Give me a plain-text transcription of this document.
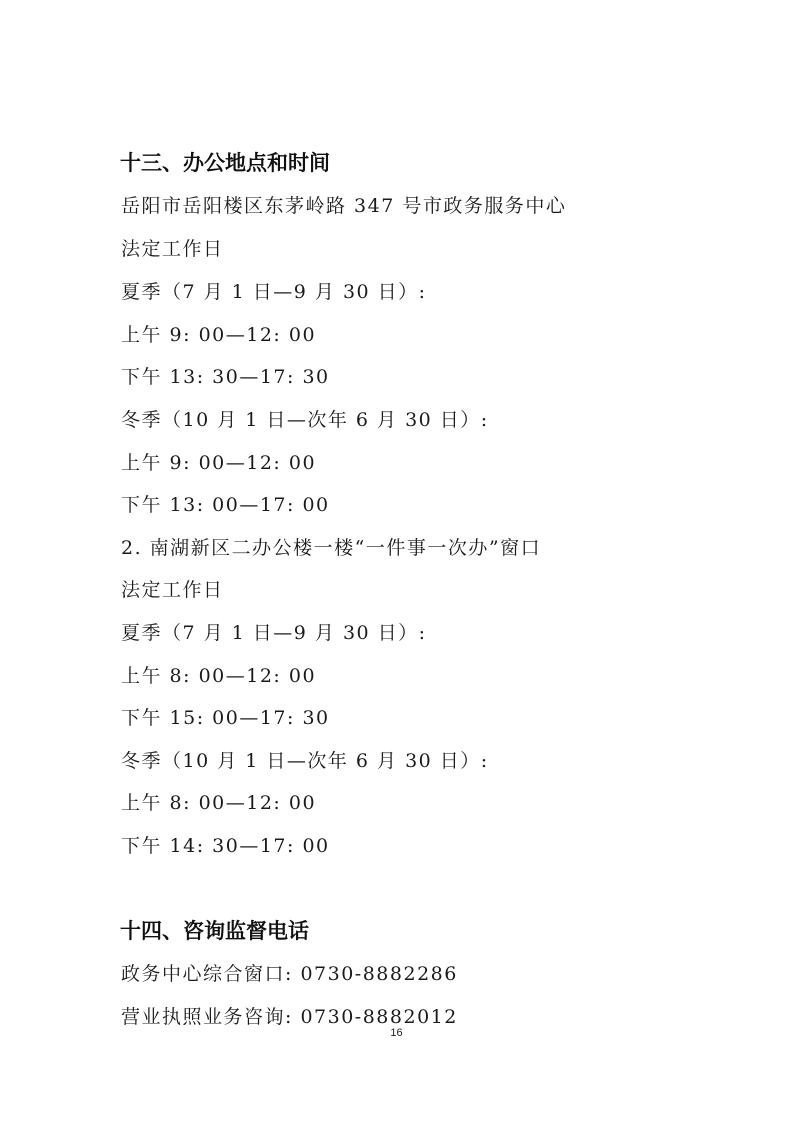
十三、办公地点和时间
岳阳市岳阳楼区东茅岭路 347 号市政务服务中心
法定工作日
夏季（7 月 1 日—9 月 30 日）:
上午 9: 00—12: 00
下午 13: 30—17: 30
冬季（10 月 1 日—次年 6 月 30 日）:
上午 9: 00—12: 00
下午 13: 00—17: 00
2. 南湖新区二办公楼一楼“一件事一次办”窗口
法定工作日
夏季（7 月 1 日—9 月 30 日）:
上午 8: 00—12: 00
下午 15: 00—17: 30
冬季（10 月 1 日—次年 6 月 30 日）:
上午 8: 00—12: 00
下午 14: 30—17: 00
十四、咨询监督电话
政务中心综合窗口: 0730-8882286
营业执照业务咨询: 0730-8882012
16
